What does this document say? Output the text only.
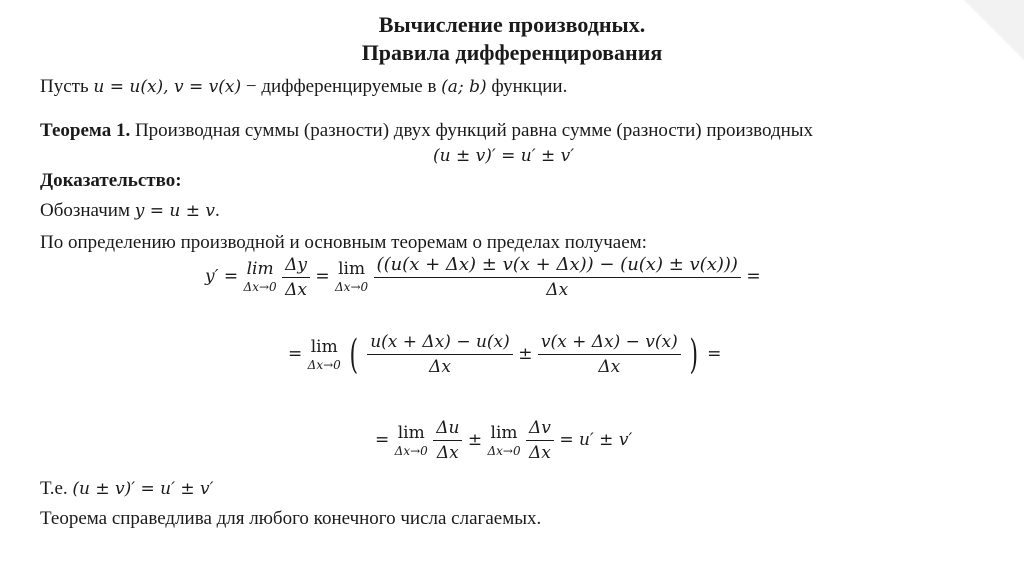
Вычисление производных.
Правила дифференцирования
Пусть u = u(x), v = v(x) − дифференцируемые в (a; b) функции.
Теорема 1. Производная суммы (разности) двух функций равна сумме (разности) производных
(u ± v)′ = u′ ± v′
Доказательство:
Обозначим y = u ± v.
По определению производной и основным теоремам о пределах получаем:
y′ = lim
Δx→0
$\frac{\Delta y}{\Delta x} = \lim$
Δx→0
$\frac{((u(x + \Delta x) \pm v(x + \Delta x)) - (u(x) \pm v(x)))}{\Delta x}$ =
= lim
Δx→0 ( $\frac{u(x + \Delta x) - u(x)}{\Delta x} \pm \frac{v(x + \Delta x) - v(x)}{\Delta x}$ ) =
= lim
Δx→0
$\frac{\Delta u}{\Delta x} \pm \lim$
Δx→0
$\frac{\Delta v}{\Delta x} = u' \pm v'$
Т.е. (u ± v)′ = u′ ± v′
Теорема справедлива для любого конечного числа слагаемых.
